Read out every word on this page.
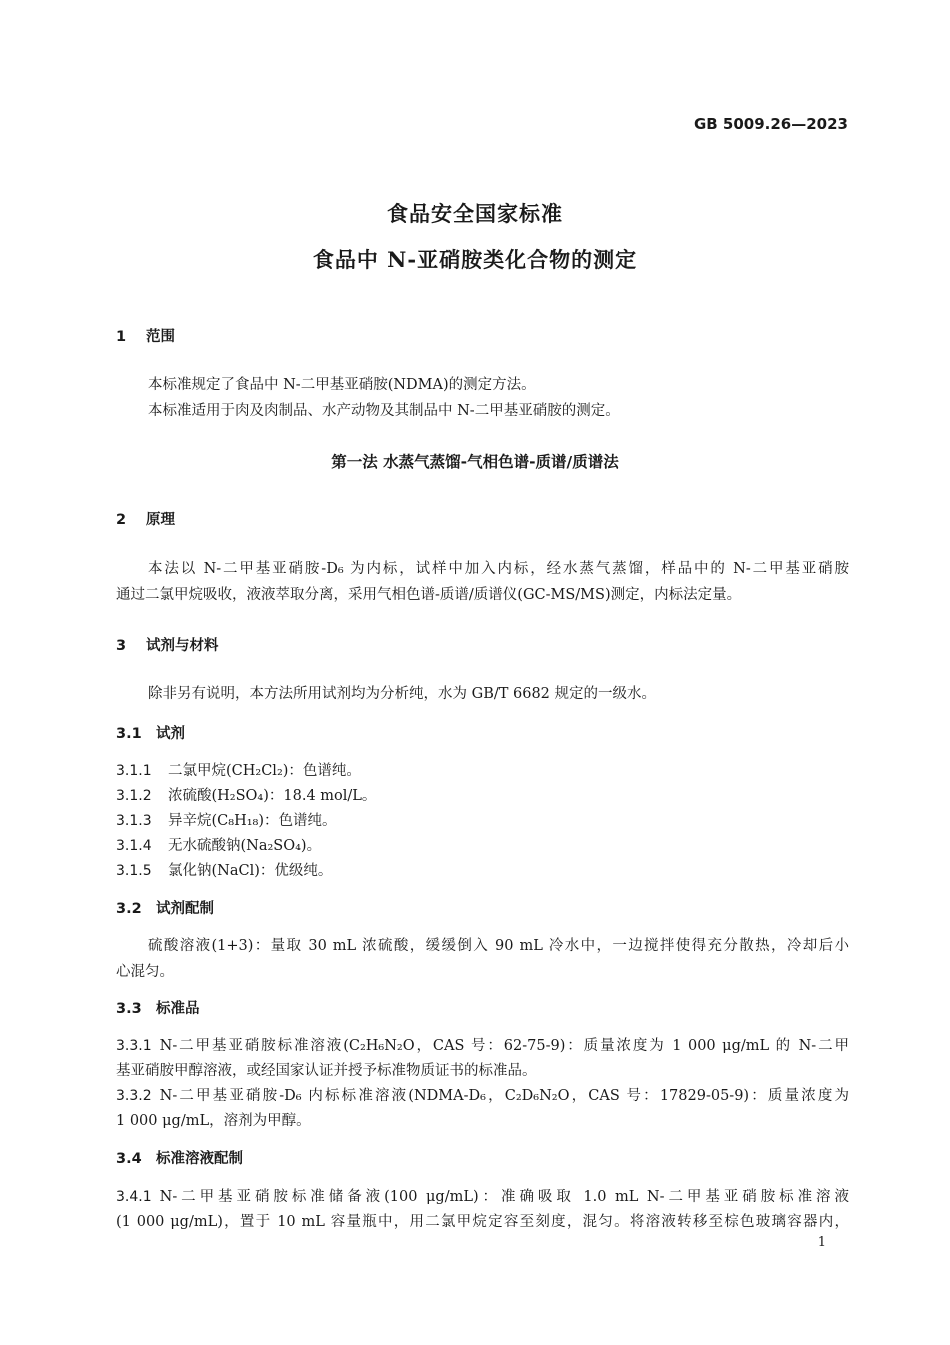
GB 5009.26—2023
食品安全国家标准
食品中 N-亚硝胺类化合物的测定
1 范围

本标准规定了食品中 N-二甲基亚硝胺(NDMA)的测定方法。

本标准适用于肉及肉制品、水产动物及其制品中 N-二甲基亚硝胺的测定。

第一法 水蒸气蒸馏-气相色谱-质谱/质谱法
2 原理

本法以 N-二甲基亚硝胺-D₆ 为内标，试样中加入内标，经水蒸气蒸馏，样品中的 N-二甲基亚硝胺

通过二氯甲烷吸收，液液萃取分离，采用气相色谱-质谱/质谱仪(GC-MS/MS)测定，内标法定量。

3 试剂与材料

除非另有说明，本方法所用试剂均为分析纯，水为 GB/T 6682 规定的一级水。

3.1 试剂
3.1.1 二氯甲烷(CH₂Cl₂)：色谱纯。
3.1.2 浓硫酸(H₂SO₄)：18.4 mol/L。
3.1.3 异辛烷(C₈H₁₈)：色谱纯。
3.1.4 无水硫酸钠(Na₂SO₄)。
3.1.5 氯化钠(NaCl)：优级纯。
3.2 试剂配制

硫酸溶液(1+3)：量取 30 mL 浓硫酸，缓缓倒入 90 mL 冷水中，一边搅拌使得充分散热，冷却后小

心混匀。

3.3 标准品

3.3.1 N-二甲基亚硝胺标准溶液(C₂H₆N₂O，CAS 号：62-75-9)：质量浓度为 1 000 μg/mL 的 N-二甲

基亚硝胺甲醇溶液，或经国家认证并授予标准物质证书的标准品。

3.3.2 N-二甲基亚硝胺-D₆ 内标标准溶液(NDMA-D₆，C₂D₆N₂O，CAS 号：17829-05-9)：质量浓度为

1 000 μg/mL，溶剂为甲醇。

3.4 标准溶液配制

3.4.1 N-二甲基亚硝胺标准储备液(100 μg/mL)：准确吸取 1.0 mL N-二甲基亚硝胺标准溶液

(1 000 μg/mL)，置于 10 mL 容量瓶中，用二氯甲烷定容至刻度，混匀。将溶液转移至棕色玻璃容器内，

1
